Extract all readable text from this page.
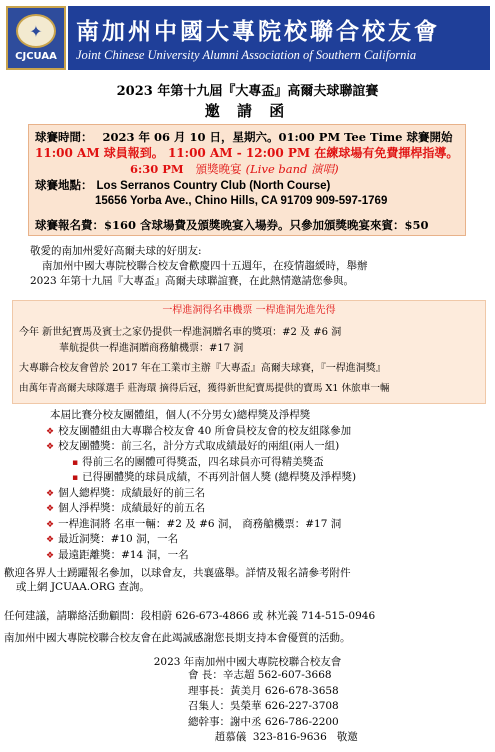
✦
CJCUAA
南加州中國大專院校聯合校友會
Joint Chinese University Alumni Association of Southern California
2023 年第十九屆『大專盃』高爾夫球聯誼賽
邀 請 函
球賽時間： 2023 年 06 月 10 日，星期六。01:00 PM Tee Time 球賽開始
11:00 AM 球員報到。 11:00 AM - 12:00 PM 在練球場有免費揮桿指導。
6:30 PM 頒獎晚宴 (Live band 演唱)
球賽地點： Los Serranos Country Club (North Course)
15656 Yorba Ave., Chino Hills, CA 91709 909-597-1769
球賽報名費：$160 含球場費及頒獎晚宴入場券。只參加頒獎晚宴來賓：$50

敬愛的南加州愛好高爾夫球的好朋友:

南加州中國大專院校聯合校友會歡慶四十五週年，在疫情趨緩時，舉辦

2023 年第十九屆『大專盃』高爾夫球聯誼賽，在此熱情邀請您參與。

一桿進洞得名車機票 一桿進洞先進先得
今年 新世紀寶馬及賓士之家仍提供一桿進洞贈名車的獎項：#2 及 #6 洞
華航提供一桿進洞贈商務艙機票：#17 洞
大專聯合校友會曾於 2017 年在工業市主辦『大專盃』高爾夫球賽，『一桿進洞獎』
由萬年青高爾夫球隊選手 莊海環 摘得后冠，獲得新世紀寶馬提供的寶馬 X1 休旅車一輛
本屆比賽分校友團體組，個人(不分男女)總桿獎及淨桿獎
❖ 校友團體組由大專聯合校友會 40 所會員校友會的校友組隊參加
❖ 校友團體獎：前三名，計分方式取成績最好的兩組(兩人一組)
▪ 得前三名的團體可得獎盃，四名球員亦可得精美獎盃
▪ 已得團體獎的球員成績，不再列計個人獎 (總桿獎及淨桿獎)
❖ 個人總桿獎：成績最好的前三名
❖ 個人淨桿獎：成績最好的前五名
❖ 一桿進洞將 名車一輛：#2 及 #6 洞， 商務艙機票：#17 洞
❖ 最近洞獎：#10 洞，一名
❖ 最遠距離獎：#14 洞，一名

歡迎各界人士踴躍報名參加，以球會友，共襄盛舉。詳情及報名請參考附件

或上網 JCUAA.ORG 查詢。

任何建議，請聯絡活動顧問：段相蔚 626-673-4866 或 林光義 714-515-0946
南加州中國大專院校聯合校友會在此竭誠感謝您長期支持本會優質的活動。
2023 年南加州中國大專院校聯合校友會
會 長：辛志超 562-607-3668
理事長：黃美月 626-678-3658
召集人：吳榮華 626-227-3708
總幹事：謝中丞 626-786-2200
趙慕儀  323-816-9636   敬邀
